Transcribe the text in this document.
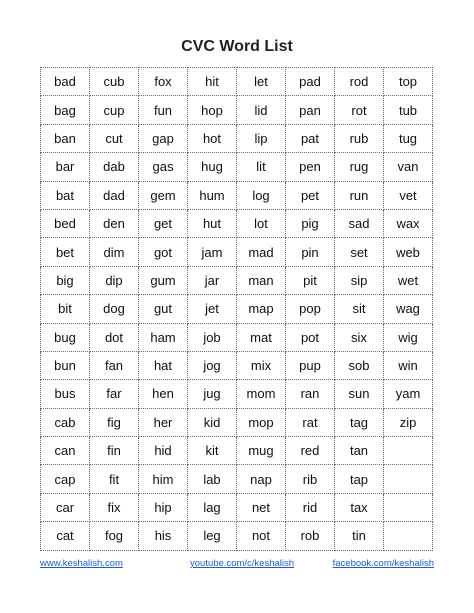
CVC Word List
bad	cub	fox	hit	let	pad	rod	top
bag	cup	fun	hop	lid	pan	rot	tub
ban	cut	gap	hot	lip	pat	rub	tug
bar	dab	gas	hug	lit	pen	rug	van
bat	dad	gem	hum	log	pet	run	vet
bed	den	get	hut	lot	pig	sad	wax
bet	dim	got	jam	mad	pin	set	web
big	dip	gum	jar	man	pit	sip	wet
bit	dog	gut	jet	map	pop	sit	wag
bug	dot	ham	job	mat	pot	six	wig
bun	fan	hat	jog	mix	pup	sob	win
bus	far	hen	jug	mom	ran	sun	yam
cab	fig	her	kid	mop	rat	tag	zip
can	fin	hid	kit	mug	red	tan	
cap	fit	him	lab	nap	rib	tap	
car	fix	hip	lag	net	rid	tax	
cat	fog	his	leg	not	rob	tin	
www.keshalish.com	youtube.com/c/keshalish	facebook.com/keshalish
